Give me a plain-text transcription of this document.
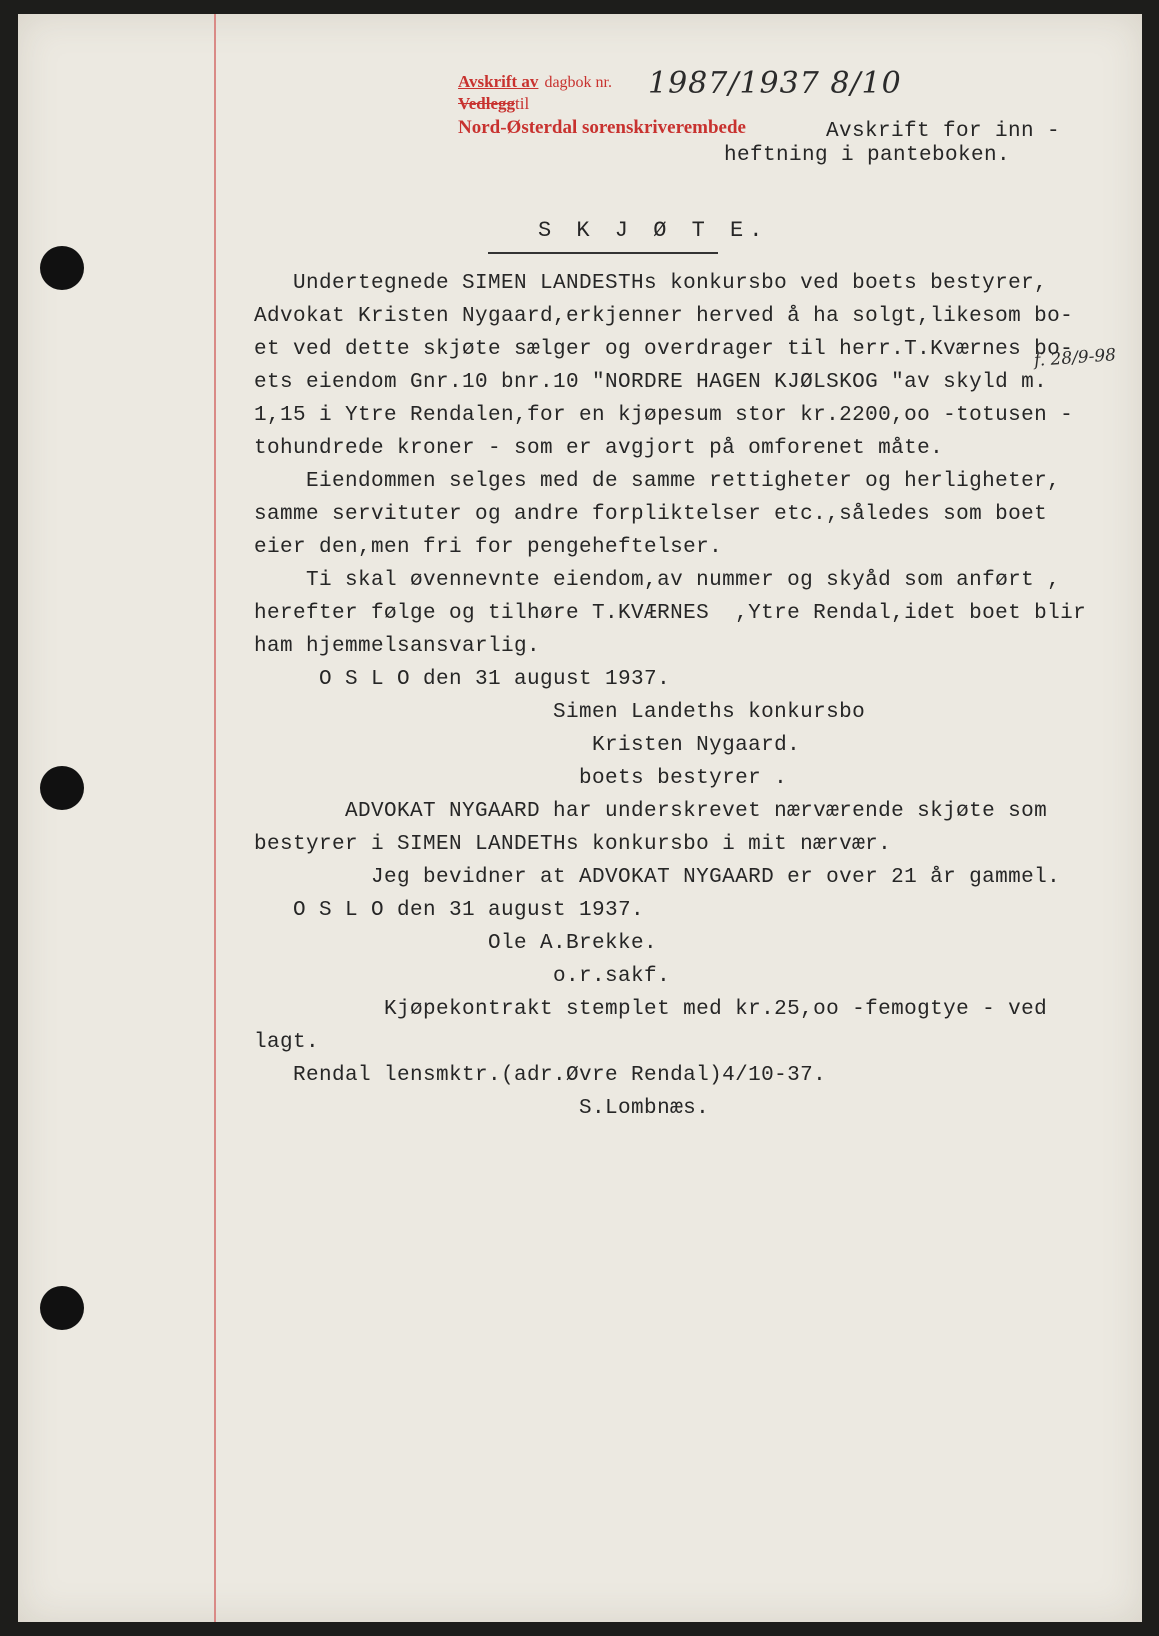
Avskrift av dagbok nr.
Vedleggtil
Nord-Østerdal sorenskriverembede
1987/1937 8/10
f. 28/9-98
Avskrift for inn -
heftning i panteboken.
S K J Ø T E.
Undertegnede SIMEN LANDESTHs konkursbo ved boets bestyrer,
Advokat Kristen Nygaard,erkjenner herved å ha solgt,likesom bo-
et ved dette skjøte sælger og overdrager til herr.T.Kværnes bo-
ets eiendom Gnr.10 bnr.10 "NORDRE HAGEN KJØLSKOG "av skyld m.
1,15 i Ytre Rendalen,for en kjøpesum stor kr.2200,oo -totusen -
tohundrede kroner - som er avgjort på omforenet måte.
Eiendommen selges med de samme rettigheter og herligheter,
samme servituter og andre forpliktelser etc.,således som boet
eier den,men fri for pengeheftelser.
Ti skal øvennevnte eiendom,av nummer og skyåd som anført ,
herefter følge og tilhøre T.KVÆRNES  ,Ytre Rendal,idet boet blir
ham hjemmelsansvarlig.
O S L O den 31 august 1937.
Simen Landeths konkursbo
Kristen Nygaard.
boets bestyrer .
ADVOKAT NYGAARD har underskrevet nærværende skjøte som
bestyrer i SIMEN LANDETHs konkursbo i mit nærvær.
Jeg bevidner at ADVOKAT NYGAARD er over 21 år gammel.
O S L O den 31 august 1937.
Ole A.Brekke.
o.r.sakf.
Kjøpekontrakt stemplet med kr.25,oo -femogtye - ved
lagt.
Rendal lensmktr.(adr.Øvre Rendal)4/10-37.
S.Lombnæs.
